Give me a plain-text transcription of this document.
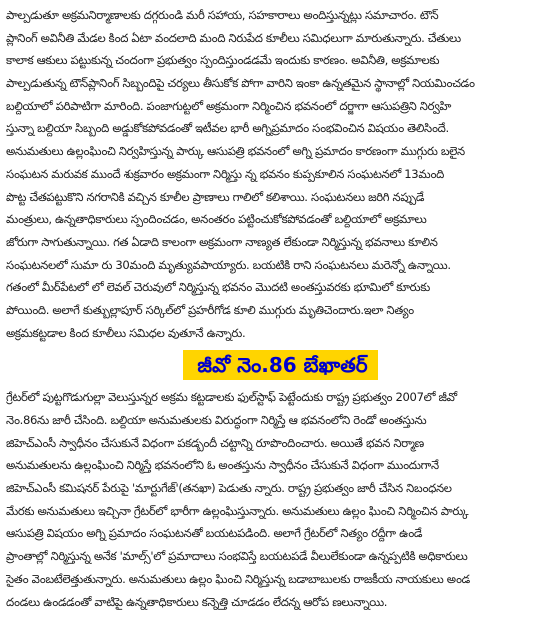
పాల్పడుతూ అక్రమనిర్మాణాలకు దగ్గరుండి మరీ సహాయ, సహకారాలు అందిస్తున్నట్లు సమాచారం. టౌన్
ప్లానింగ్ అవినీతి మేడల కింద ఏటా వందలాది మంది నిరుపేద కూలీలు సమిధలుగా మారుతున్నారు. చేతులు
కాలాక ఆకులు పట్టుకున్న చందంగా ప్రభుత్వం స్పందిస్తుండడమే ఇందుకు కారణం. అవినీతి, అక్రమాలకు
పాల్పడుతున్న టౌన్‌ప్లానింగ్ సిబ్బందిపై చర్యలు తీసుకోక పోగా వారిని ఇంకా ఉన్నతమైన స్థానాల్లో నియమించడం
బల్దియాలో పరిపాటిగా మారింది. పంజాగుట్టలో అక్రమంగా నిర్మించిన భవనంలో దర్జాగా ఆసుపత్రిని నిర్వహి
స్తున్నా బల్దియా సిబ్బంది అడ్డుకోకపోవడంతో ఇటీవల భారీ అగ్నిప్రమాదం సంభవించిన విషయం తెలిసిందే.
అనుమతులు ఉల్లంఘించి నిర్వహిస్తున్న పార్కు ఆసుపత్రి భవనంలో అగ్ని ప్రమాదం కారణంగా ముగ్గురు బలైన
సంఘటన మరువక ముందే శుక్రవారం అక్రమంగా నిర్మిస్తు న్న భవనం కుప్పకూలిన సంఘటనలో 13మంది
పొట్ట చేతపట్టుకొని నగరానికి వచ్చిన కూలీల ప్రాణాలు గాలిలో కలిశాయి. సంఘటనలు జరిగి నప్పుడే
మంత్రులు, ఉన్నతాధికారులు స్పందించడం, అనంతరం పట్టించుకోకపోవడంతో బల్దియాలో అక్రమాలు
జోరుగా సాగుతున్నాయి. గత ఏడాది కాలంగా అక్రమంగా నాణ్యత లేకుండా నిర్మిస్తున్న భవనాలు కూలిన
సంఘటనలలో సుమా రు 30మంది మృత్యువపాయ్యారు. బయటికి రాని సంఘటనలు మరెన్నో ఉన్నాయి.
గతంలో మీర్‌పేటలో లో లెవల్ చెరువులో నిర్మిస్తున్న భవనం మొదటి అంతస్తువరకు భూమిలో కూరుకు
పోయింది. అలాగే కుత్బుల్లాపూర్ సర్కిల్‌లో ప్రహరీగోడ కూలి ముగ్గురు మృతిచెందారు.ఇలా నిత్యం
అక్రమకట్టడాల కింద కూలీలు సమిధల వుతూనే ఉన్నారు.
జీవో నెం.86 బేఖాతర్
గ్రేటర్‌లో పుట్టగొడుగుల్లా వెలుస్తున్నర అక్రమ కట్టడాలకు ఫుల్‌స్టాఫ్ పెట్టేందుకు రాష్ట్ర ప్రభుత్వం 2007లో జీవో
నెం.86ను జారీ చేసింది. బల్దియా అనుమతులకు విరుద్ధంగా నిర్మిస్తే ఆ భవనంలోని రెండో అంతస్తును
జిహెచ్ఎంసీ స్వాధీనం చేసుకునే విధంగా పకడ్బందీ చట్టాన్ని రూపొందించారు. అయితే భవన నిర్మాణ
అనుమతులను ఉల్లంఘించి నిర్మిస్తే భవనంలోని ఓ అంతస్తును స్వాధీనం చేసుకునే విధంగా ముందుగానే
జిహెచ్ఎంసీ కమిషనర్ పేరుపై 'మార్టుగేజ్'(తనఖా) పెడుతు న్నారు. రాష్ట్ర ప్రభుత్వం జారీ చేసిన నిబంధనల
మేరకు అనుమతులు ఇచ్చినా గ్రేటర్‌లో భారీగా ఉల్లంఘిస్తున్నారు. అనుమతులు ఉల్లం ఘించి నిర్మించిన పార్కు
ఆసుపత్రి విషయం అగ్ని ప్రమాదం సంఘటనతో బయటపడింది. అలాగే గ్రేటర్‌లో నిత్యం రద్దీగా ఉండే
ప్రాంతాల్లో నిర్మిస్తున్న అనేక 'మాల్స్'లో ప్రమాదాలు సంభవిస్తే బయటపడే వీలులేకుండా ఉన్నప్పటికి అధికారులు
సైతం వెంబటేలెత్తుతున్నారు. అనుమతులు ఉల్లం ఘించి నిర్మిస్తున్న బడాబాబులకు రాజకీయ నాయకులు అండ
దండలు ఉండడంతో వాటిపై ఉన్నతాధికారులు కన్నెత్తి చూడడం లేదన్న ఆరోప ణలున్నాయి.
